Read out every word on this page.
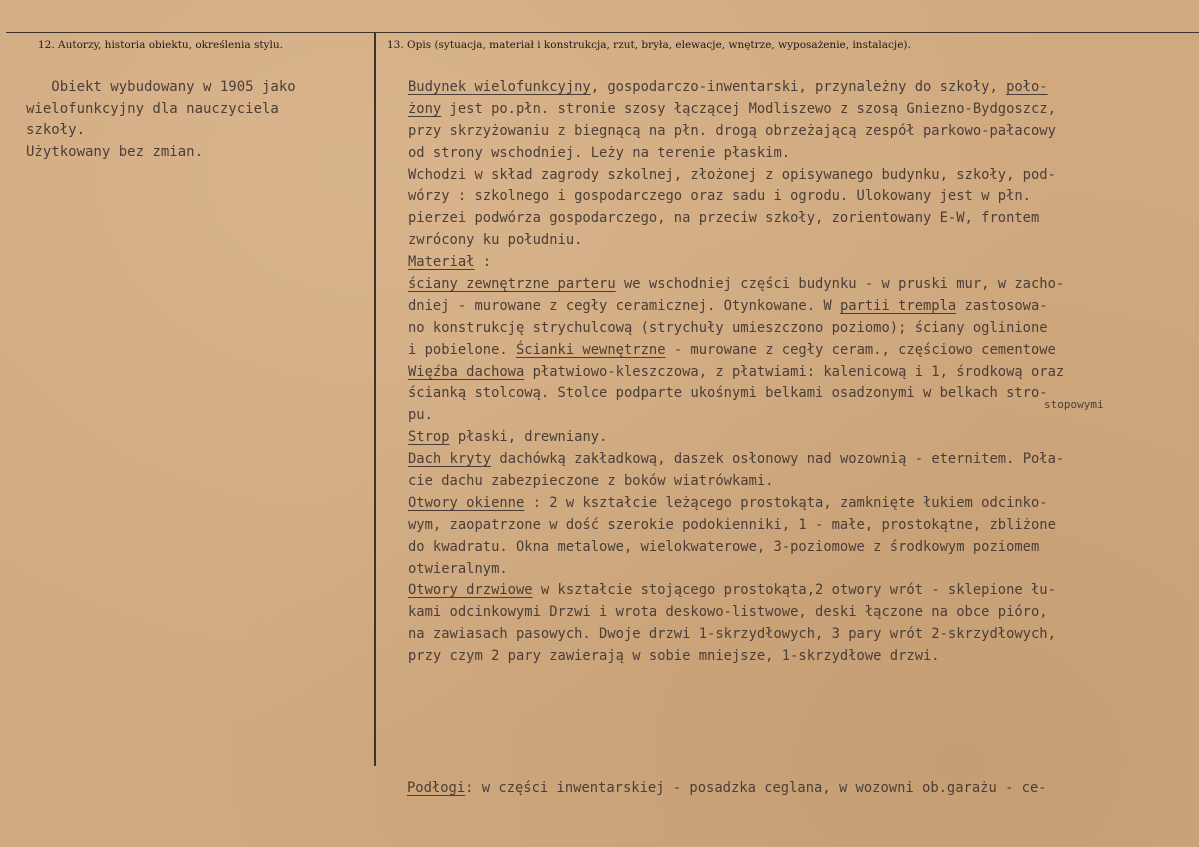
12. Autorzy, historia obiektu, określenia stylu.	13. Opis (sytuacja, materiał i konstrukcja, rzut, bryła, elewacje, wnętrze, wyposażenie, instalacje).
Obiekt wybudowany w 1905 jako
wielofunkcyjny dla nauczyciela
szkoły.
Użytkowany bez zmian.
Budynek wielofunkcyjny, gospodarczo-inwentarski, przynależny do szkoły, poło-
żony jest po.płn. stronie szosy łączącej Modliszewo z szosą Gniezno-Bydgoszcz,
przy skrzyżowaniu z biegnącą na płn. drogą obrzeżającą zespół parkowo-pałacowy
od strony wschodniej. Leży na terenie płaskim.
Wchodzi w skład zagrody szkolnej, złożonej z opisywanego budynku, szkoły, pod-
wórzy : szkolnego i gospodarczego oraz sadu i ogrodu. Ulokowany jest w płn.
pierzei podwórza gospodarczego, na przeciw szkoły, zorientowany E-W, frontem
zwrócony ku południu.
Materiał :
ściany zewnętrzne parteru we wschodniej części budynku - w pruski mur, w zacho-
dniej - murowane z cegły ceramicznej. Otynkowane. W partii trempla zastosowa-
no konstrukcję strychulcową (strychuły umieszczono poziomo); ściany oglinione
i pobielone. Ścianki wewnętrzne - murowane z cegły ceram., częściowo cementowe
Więźba dachowa płatwiowo-kleszczowa, z płatwiami: kalenicową i 1, środkową oraz
ścianką stolcową. Stolce podparte ukośnymi belkami osadzonymi w belkach stro-
pu.
Strop płaski, drewniany.
Dach kryty dachówką zakładkową, daszek osłonowy nad wozownią - eternitem. Poła-
cie dachu zabezpieczone z boków wiatrówkami.
Otwory okienne : 2 w kształcie leżącego prostokąta, zamknięte łukiem odcinko-
wym, zaopatrzone w dość szerokie podokienniki, 1 - małe, prostokątne, zbliżone
do kwadratu. Okna metalowe, wielokwaterowe, 3-poziomowe z środkowym poziomem
otwieralnym.
Otwory drzwiowe w kształcie stojącego prostokąta,2 otwory wrót - sklepione łu-
kami odcinkowymi Drzwi i wrota deskowo-listwowe, deski łączone na obce pióro,
na zawiasach pasowych. Dwoje drzwi 1-skrzydłowych, 3 pary wrót 2-skrzydłowych,
przy czym 2 pary zawierają w sobie mniejsze, 1-skrzydłowe drzwi.
stopowymi
Podłogi: w części inwentarskiej - posadzka ceglana, w wozowni ob.garażu - ce-
